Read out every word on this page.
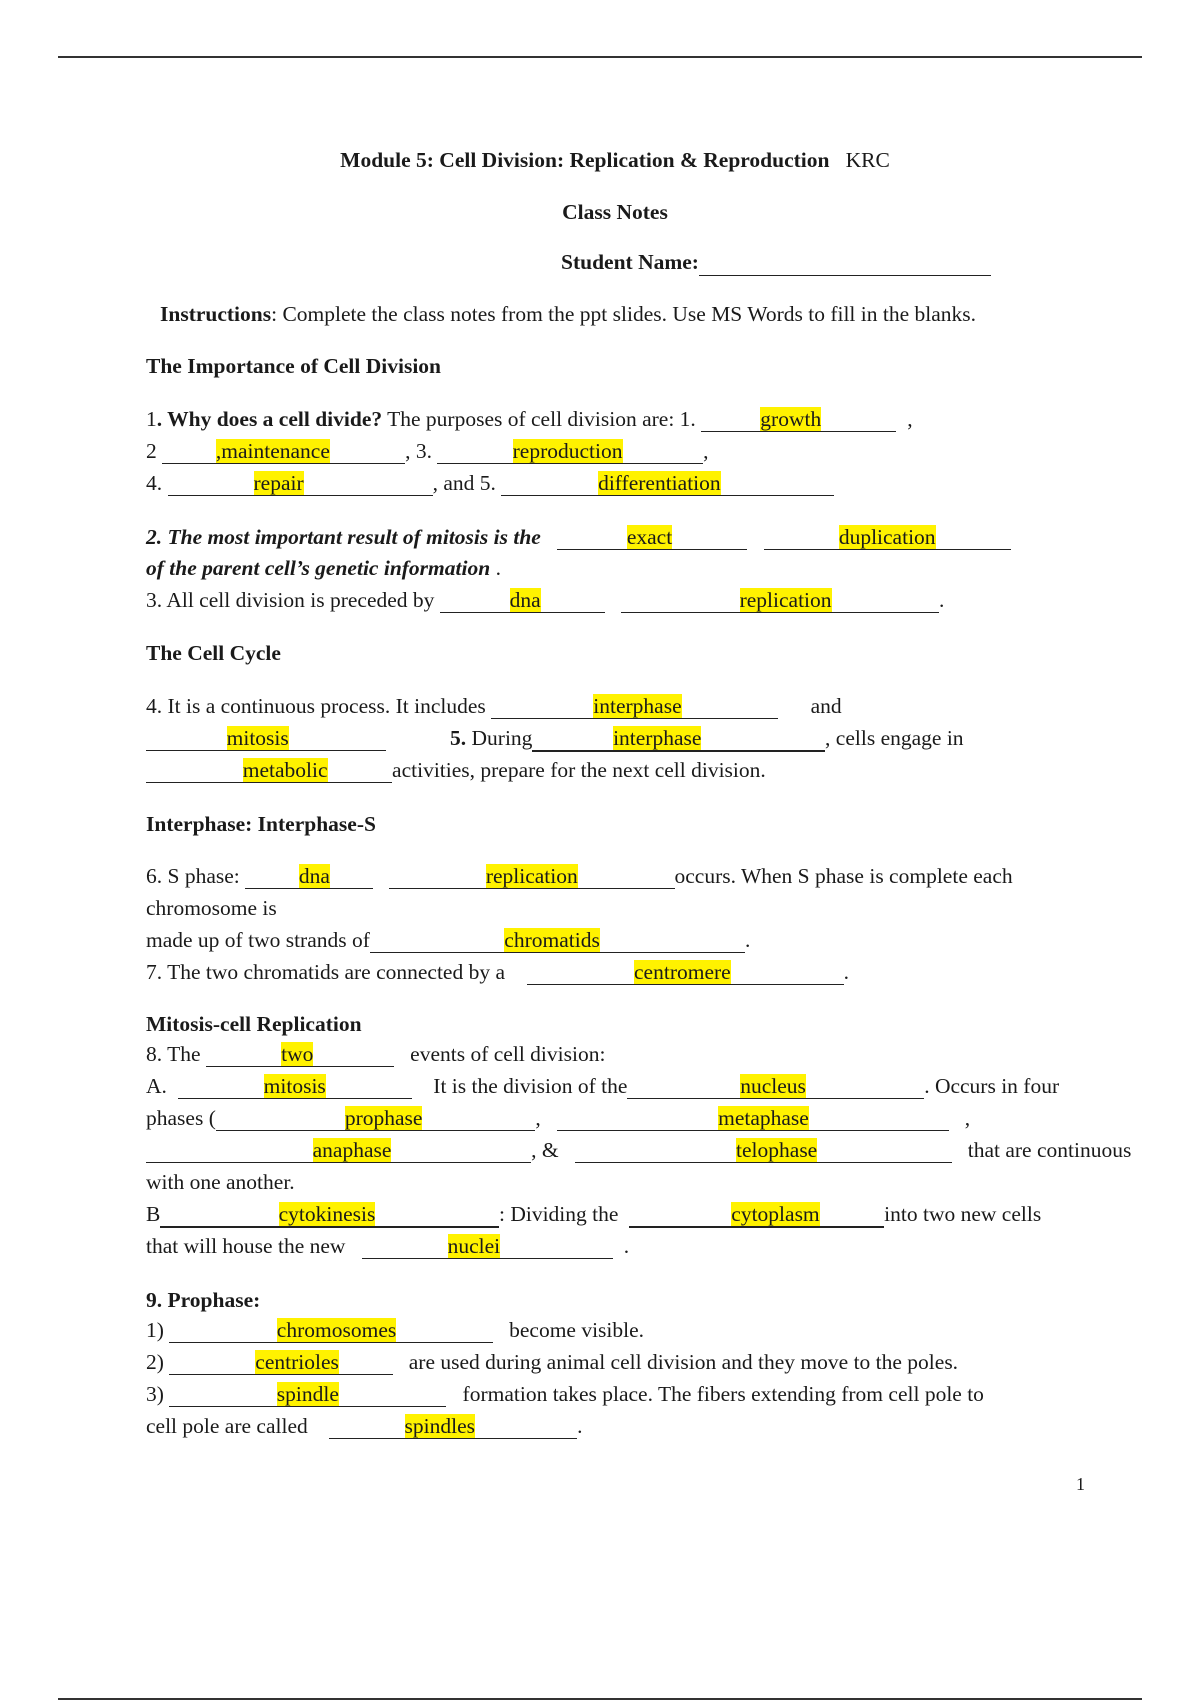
Module 5: Cell Division: Replication & Reproduction KRC
Class Notes
Student Name:
Instructions: Complete the class notes from the ppt slides. Use MS Words to fill in the blanks.
The Importance of Cell Division
1. Why does a cell divide? The purposes of cell division are: 1.	growth	,
2	,maintenance	, 3.	reproduction	,
4.	repair	, and 5.	differentiation
2. The most important result of mitosis is the	exact	duplication
of the parent cell’s genetic information .
3. All cell division is preceded by	dna	replication	.
The Cell Cycle
4. It is a continuous process. It includes	interphase	and
mitosis	5. During	interphase	, cells engage in
metabolic	activities, prepare for the next cell division.
Interphase: Interphase-S
6. S phase:	dna	replication	occurs. When S phase is complete each
chromosome is
made up of two strands of	chromatids	.
7. The two chromatids are connected by a	centromere	.
Mitosis-cell Replication
8. The	two	events of cell division:
A.	mitosis	It is the division of the	nucleus	. Occurs in four
phases (	prophase	,	metaphase	,
anaphase	, &	telophase	that are continuous
with one another.
B	cytokinesis	: Dividing the	cytoplasm	into two new cells
that will house the new	nuclei	.
9. Prophase:
1)	chromosomes	become visible.
2)	centrioles	are used during animal cell division and they move to the poles.
3)	spindle	formation takes place. The fibers extending from cell pole to
cell pole are called	spindles	.
1
